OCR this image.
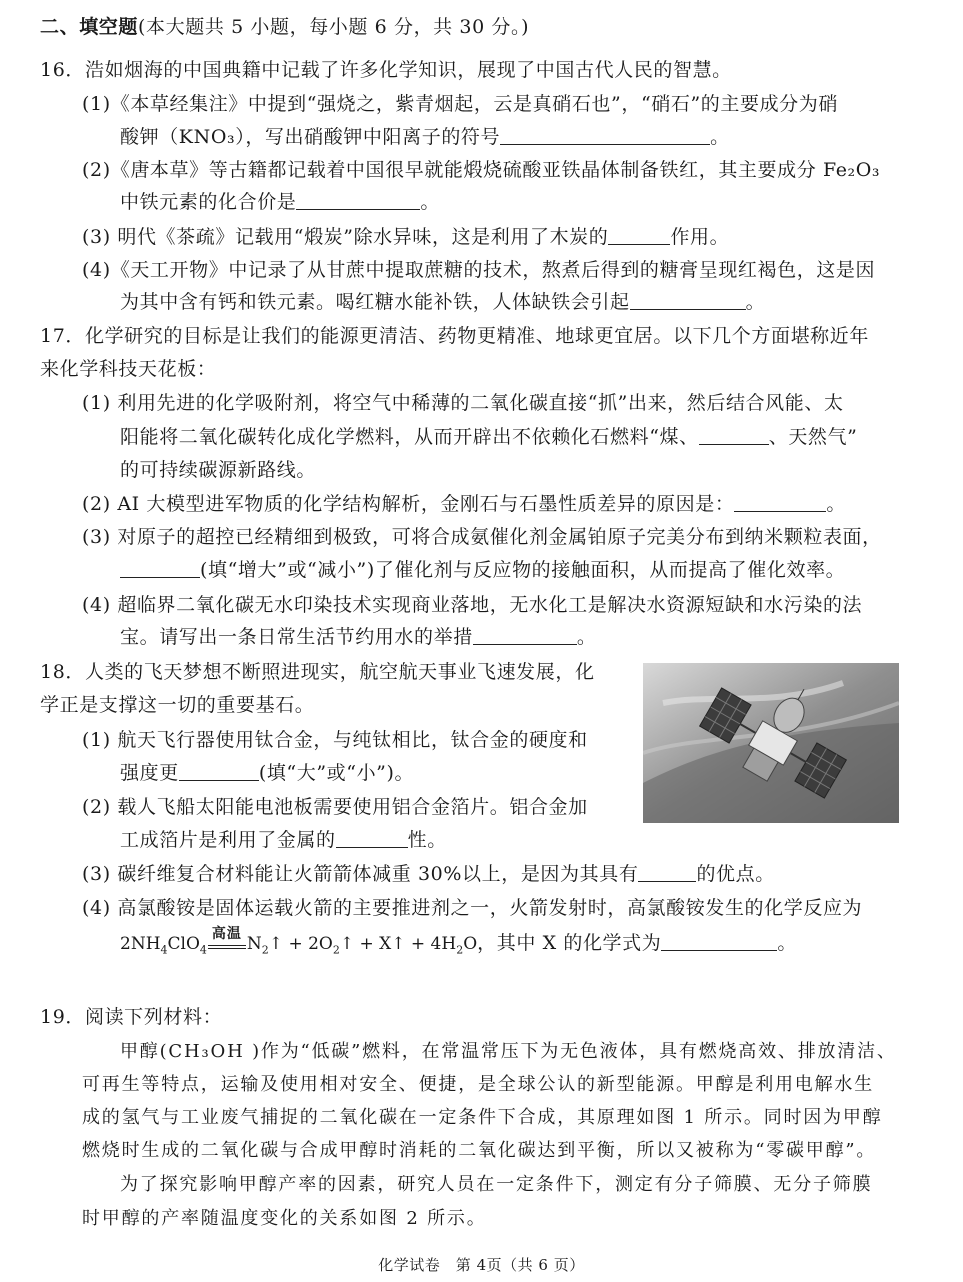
二、填空题(本大题共 5 小题，每小题 6 分，共 30 分。)
16．浩如烟海的中国典籍中记载了许多化学知识，展现了中国古代人民的智慧。
(1)《本草经集注》中提到“强烧之，紫青烟起，云是真硝石也”，“硝石”的主要成分为硝
酸钾（KNO₃），写出硝酸钾中阳离子的符号	。
(2)《唐本草》等古籍都记载着中国很早就能煅烧硫酸亚铁晶体制备铁红，其主要成分 Fe₂O₃
中铁元素的化合价是	。
(3) 明代《茶疏》记载用“煅炭”除水异味，这是利用了木炭的	作用。
(4)《天工开物》中记录了从甘蔗中提取蔗糖的技术，熬煮后得到的糖膏呈现红褐色，这是因
为其中含有钙和铁元素。喝红糖水能补铁，人体缺铁会引起	。
17．化学研究的目标是让我们的能源更清洁、药物更精准、地球更宜居。以下几个方面堪称近年
来化学科技天花板：
(1) 利用先进的化学吸附剂，将空气中稀薄的二氧化碳直接“抓”出来，然后结合风能、太
阳能将二氧化碳转化成化学燃料，从而开辟出不依赖化石燃料“煤、	、天然气”
的可持续碳源新路线。
(2) AI 大模型进军物质的化学结构解析，金刚石与石墨性质差异的原因是：	。
(3) 对原子的超控已经精细到极致，可将合成氨催化剂金属铂原子完美分布到纳米颗粒表面，
(填“增大”或“减小”)了催化剂与反应物的接触面积，从而提高了催化效率。
(4) 超临界二氧化碳无水印染技术实现商业落地，无水化工是解决水资源短缺和水污染的法
宝。请写出一条日常生活节约用水的举措	。
18．人类的飞天梦想不断照进现实，航空航天事业飞速发展，化
学正是支撑这一切的重要基石。
(1) 航天飞行器使用钛合金，与纯钛相比，钛合金的硬度和
强度更	(填“大”或“小”)。
(2) 载人飞船太阳能电池板需要使用铝合金箔片。铝合金加
工成箔片是利用了金属的	性。
(3) 碳纤维复合材料能让火箭箭体减重 30%以上，是因为其具有	的优点。
(4) 高氯酸铵是固体运载火箭的主要推进剂之一，火箭发射时，高氯酸铵发生的化学反应为
$2NH_4ClO_4$
高温 $N_2↑$ + $2O_2↑$ + X↑ + $4H_2O$，其中 X 的化学式为	。
19．阅读下列材料：
甲醇(CH₃OH )作为“低碳”燃料，在常温常压下为无色液体，具有燃烧高效、排放清洁、
可再生等特点，运输及使用相对安全、便捷，是全球公认的新型能源。甲醇是利用电解水生
成的氢气与工业废气捕捉的二氧化碳在一定条件下合成，其原理如图 1 所示。同时因为甲醇
燃烧时生成的二氧化碳与合成甲醇时消耗的二氧化碳达到平衡，所以又被称为“零碳甲醇”。
为了探究影响甲醇产率的因素，研究人员在一定条件下，测定有分子筛膜、无分子筛膜
时甲醇的产率随温度变化的关系如图 2 所示。
化学试卷　第 4页（共 6 页）
